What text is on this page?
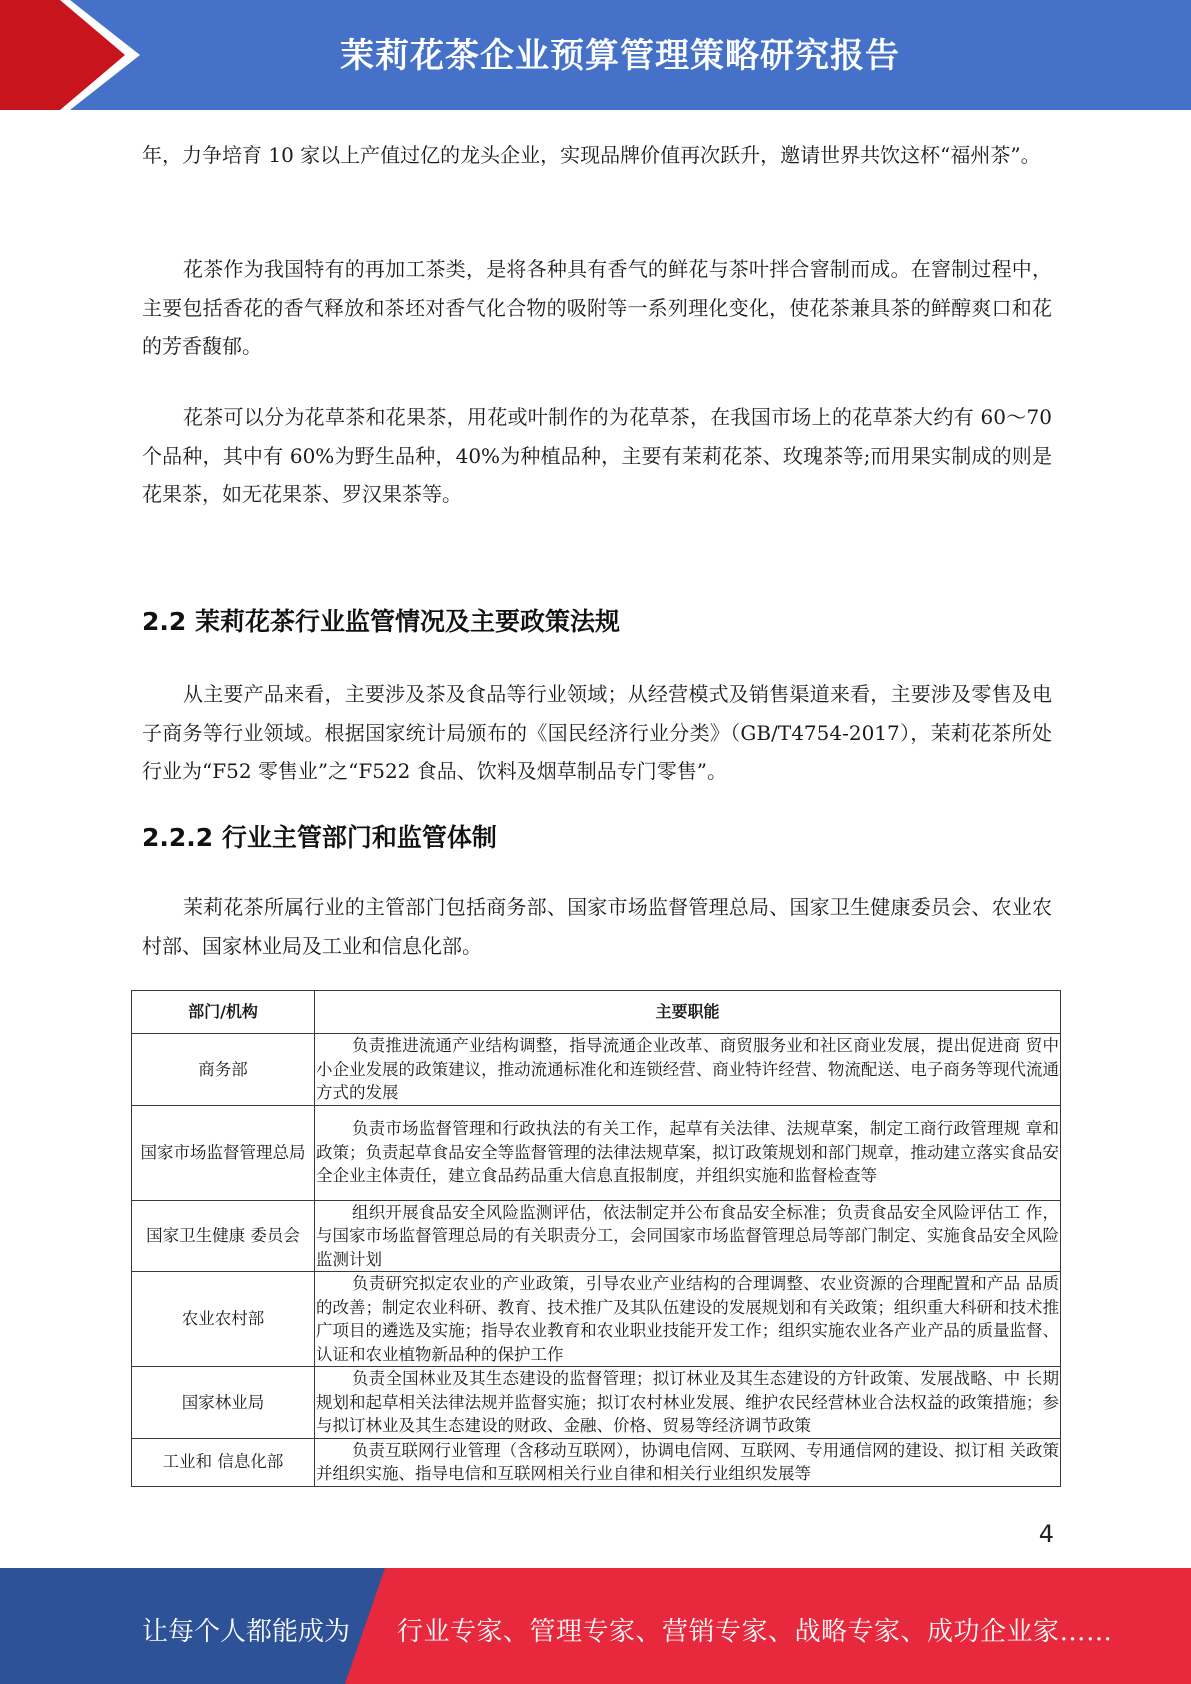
茉莉花茶企业预算管理策略研究报告

年，力争培育 10 家以上产值过亿的龙头企业，实现品牌价值再次跃升，邀请世界共饮这杯“福州茶”。

花茶作为我国特有的再加工茶类，是将各种具有香气的鲜花与茶叶拌合窨制而成。在窨制过程中，主要包括香花的香气释放和茶坯对香气化合物的吸附等一系列理化变化，使花茶兼具茶的鲜醇爽口和花的芳香馥郁。

花茶可以分为花草茶和花果茶，用花或叶制作的为花草茶，在我国市场上的花草茶大约有 60～70 个品种，其中有 60%为野生品种，40%为种植品种，主要有茉莉花茶、玫瑰茶等;而用果实制成的则是花果茶，如无花果茶、罗汉果茶等。

2.2 茉莉花茶行业监管情况及主要政策法规

从主要产品来看，主要涉及茶及食品等行业领域；从经营模式及销售渠道来看，主要涉及零售及电子商务等行业领域。根据国家统计局颁布的《国民经济行业分类》（GB/T4754-2017），茉莉花茶所处行业为“F52 零售业”之“F522 食品、饮料及烟草制品专门零售”。

2.2.2 行业主管部门和监管体制

茉莉花茶所属行业的主管部门包括商务部、国家市场监督管理总局、国家卫生健康委员会、农业农村部、国家林业局及工业和信息化部。

部门/机构	主要职能
商务部	负责推进流通产业结构调整，指导流通企业改革、商贸服务业和社区商业发展，提出促进商 贸中小企业发展的政策建议，推动流通标准化和连锁经营、商业特许经营、物流配送、电子商务等现代流通方式的发展
国家市场监督管理总局	负责市场监督管理和行政执法的有关工作，起草有关法律、法规草案，制定工商行政管理规 章和政策；负责起草食品安全等监督管理的法律法规草案，拟订政策规划和部门规章，推动建立落实食品安全企业主体责任，建立食品药品重大信息直报制度，并组织实施和监督检查等
国家卫生健康 委员会	组织开展食品安全风险监测评估，依法制定并公布食品安全标准；负责食品安全风险评估工 作，与国家市场监督管理总局的有关职责分工，会同国家市场监督管理总局等部门制定、实施食品安全风险监测计划
农业农村部	负责研究拟定农业的产业政策，引导农业产业结构的合理调整、农业资源的合理配置和产品 品质的改善；制定农业科研、教育、技术推广及其队伍建设的发展规划和有关政策；组织重大科研和技术推广项目的遴选及实施；指导农业教育和农业职业技能开发工作；组织实施农业各产业产品的质量监督、认证和农业植物新品种的保护工作
国家林业局	负责全国林业及其生态建设的监督管理；拟订林业及其生态建设的方针政策、发展战略、中 长期规划和起草相关法律法规并监督实施；拟订农村林业发展、维护农民经营林业合法权益的政策措施；参与拟订林业及其生态建设的财政、金融、价格、贸易等经济调节政策
工业和 信息化部	负责互联网行业管理（含移动互联网），协调电信网、互联网、专用通信网的建设、拟订相 关政策并组织实施、指导电信和互联网相关行业自律和相关行业组织发展等
4
让每个人都能成为 行业专家、管理专家、营销专家、战略专家、成功企业家……
